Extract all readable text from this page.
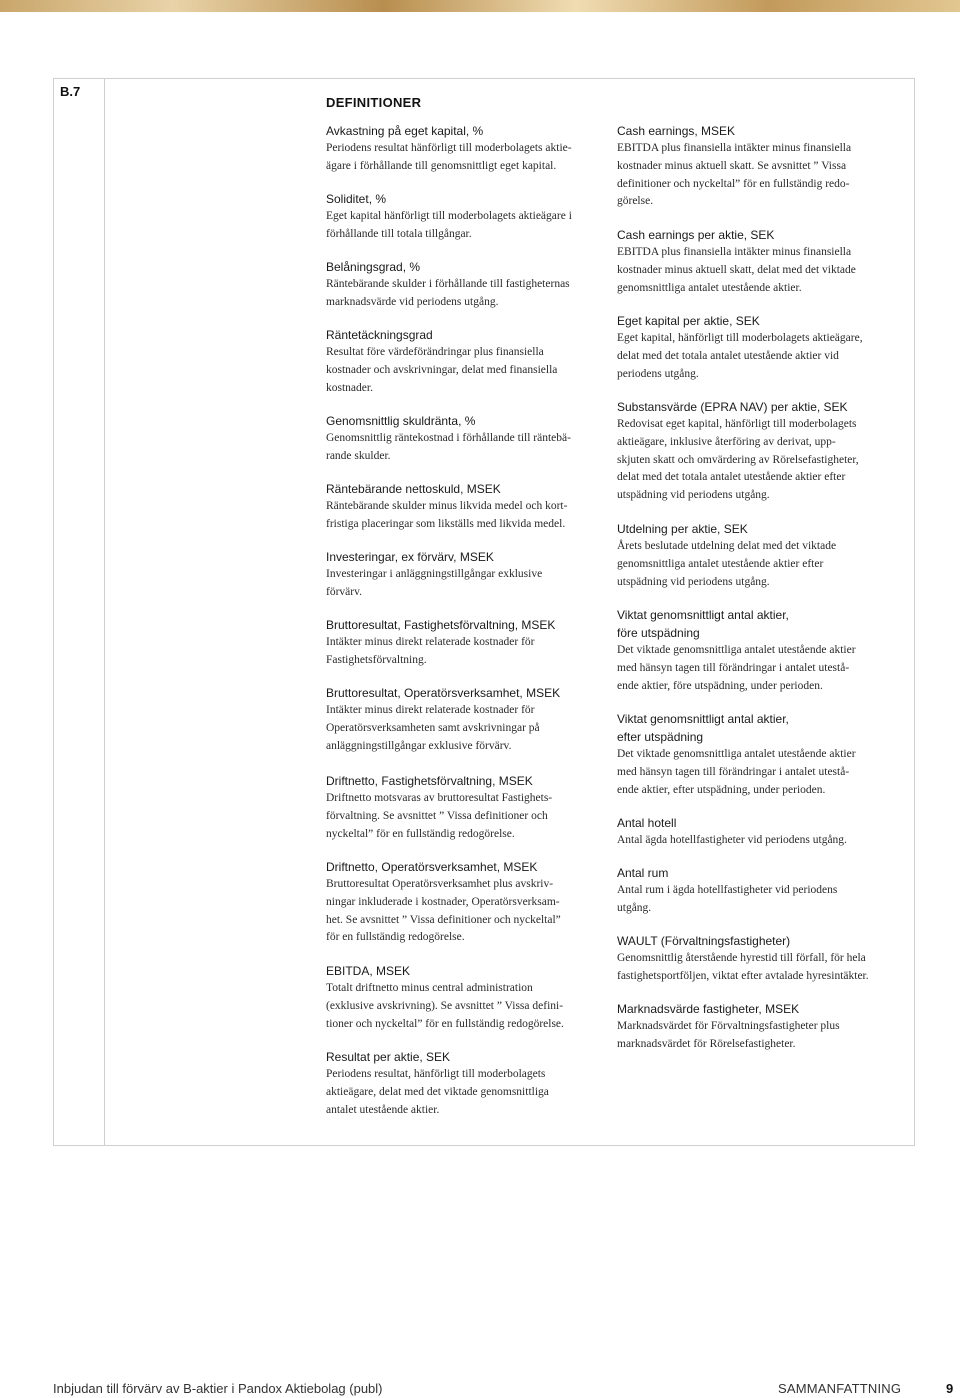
B.7
DEFINITIONER
Avkastning på eget kapital, %
Periodens resultat hänförligt till moderbolagets aktie-
ägare i förhållande till genomsnittligt eget kapital.
Soliditet, %
Eget kapital hänförligt till moderbolagets aktieägare i
förhållande till totala tillgångar.
Belåningsgrad, %
Räntebärande skulder i förhållande till fastigheternas
marknadsvärde vid periodens utgång.
Räntetäckningsgrad
Resultat före värdeförändringar plus finansiella
kostnader och avskrivningar, delat med finansiella
kostnader.
Genomsnittlig skuldränta, %
Genomsnittlig räntekostnad i förhållande till räntebä-
rande skulder.
Räntebärande nettoskuld, MSEK
Räntebärande skulder minus likvida medel och kort-
fristiga placeringar som likställs med likvida medel.
Investeringar, ex förvärv, MSEK
Investeringar i anläggningstillgångar exklusive
förvärv.
Bruttoresultat, Fastighetsförvaltning, MSEK
Intäkter minus direkt relaterade kostnader för
Fastighetsförvaltning.
Bruttoresultat, Operatörsverksamhet, MSEK
Intäkter minus direkt relaterade kostnader för
Operatörsverksamheten samt avskrivningar på
anläggningstillgångar exklusive förvärv.
Driftnetto, Fastighetsförvaltning, MSEK
Driftnetto motsvaras av bruttoresultat Fastighets-
förvaltning. Se avsnittet ” Vissa definitioner och
nyckeltal” för en fullständig redogörelse.
Driftnetto, Operatörsverksamhet, MSEK
Bruttoresultat Operatörsverksamhet plus avskriv-
ningar inkluderade i kostnader, Operatörsverksam-
het. Se avsnittet ” Vissa definitioner och nyckeltal”
för en fullständig redogörelse.
EBITDA, MSEK
Totalt driftnetto minus central administration
(exklusive avskrivning). Se avsnittet ” Vissa defini-
tioner och nyckeltal” för en fullständig redogörelse.
Resultat per aktie, SEK
Periodens resultat, hänförligt till moderbolagets
aktieägare, delat med det viktade genomsnittliga
antalet utestående aktier.
Cash earnings, MSEK
EBITDA plus finansiella intäkter minus finansiella
kostnader minus aktuell skatt. Se avsnittet ” Vissa
definitioner och nyckeltal” för en fullständig redo-
görelse.
Cash earnings per aktie, SEK
EBITDA plus finansiella intäkter minus finansiella
kostnader minus aktuell skatt, delat med det viktade
genomsnittliga antalet utestående aktier.
Eget kapital per aktie, SEK
Eget kapital, hänförligt till moderbolagets aktieägare,
delat med det totala antalet utestående aktier vid
periodens utgång.
Substansvärde (EPRA NAV) per aktie, SEK
Redovisat eget kapital, hänförligt till moderbolagets
aktieägare, inklusive återföring av derivat, upp-
skjuten skatt och omvärdering av Rörelsefastigheter,
delat med det totala antalet utestående aktier efter
utspädning vid periodens utgång.
Utdelning per aktie, SEK
Årets beslutade utdelning delat med det viktade
genomsnittliga antalet utestående aktier efter
utspädning vid periodens utgång.
Viktat genomsnittligt antal aktier,
före utspädning
Det viktade genomsnittliga antalet utestående aktier
med hänsyn tagen till förändringar i antalet utestå-
ende aktier, före utspädning, under perioden.
Viktat genomsnittligt antal aktier,
efter utspädning
Det viktade genomsnittliga antalet utestående aktier
med hänsyn tagen till förändringar i antalet utestå-
ende aktier, efter utspädning, under perioden.
Antal hotell
Antal ägda hotellfastigheter vid periodens utgång.
Antal rum
Antal rum i ägda hotellfastigheter vid periodens
utgång.
WAULT (Förvaltningsfastigheter)
Genomsnittlig återstående hyrestid till förfall, för hela
fastighetsportföljen, viktat efter avtalade hyresintäkter.
Marknadsvärde fastigheter, MSEK
Marknadsvärdet för Förvaltningsfastigheter plus
marknadsvärdet för Rörelsefastigheter.
Inbjudan till förvärv av B-aktier i Pandox Aktiebolag (publ)	SAMMANFATTNING	9
